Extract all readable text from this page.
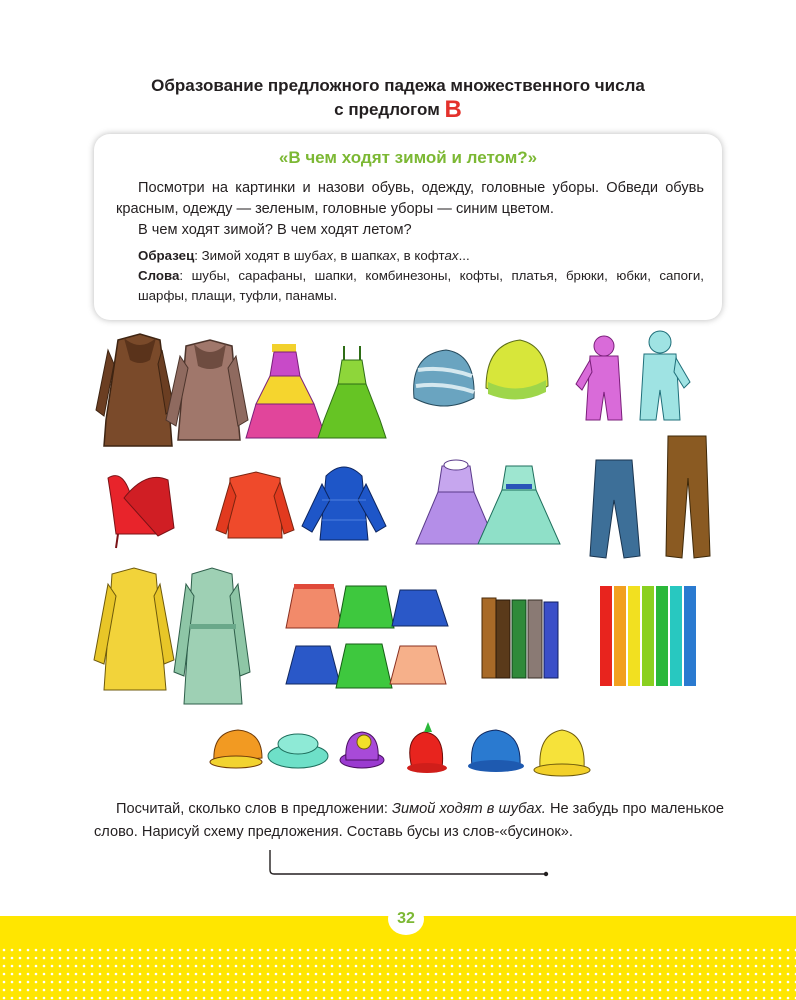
Образование предложного падежа множественного числа
с предлогом В
«В чем ходят зимой и летом?»

Посмотри на картинки и назови обувь, одежду, головные уборы. Обведи обувь красным, одежду — зеленым, головные уборы — синим цветом.

В чем ходят зимой? В чем ходят летом?

Образец: Зимой ходят в шубах, в шапках, в кофтах...

Слова: шубы, сарафаны, шапки, комбинезоны, кофты, платья, брюки, юбки, сапоги, шарфы, плащи, туфли, панамы.

Посчитай, сколько слов в предложении: Зимой ходят в шубах. Не забудь про маленькое слово. Нарисуй схему предложения. Составь бусы из слов-«бусинок».

32
